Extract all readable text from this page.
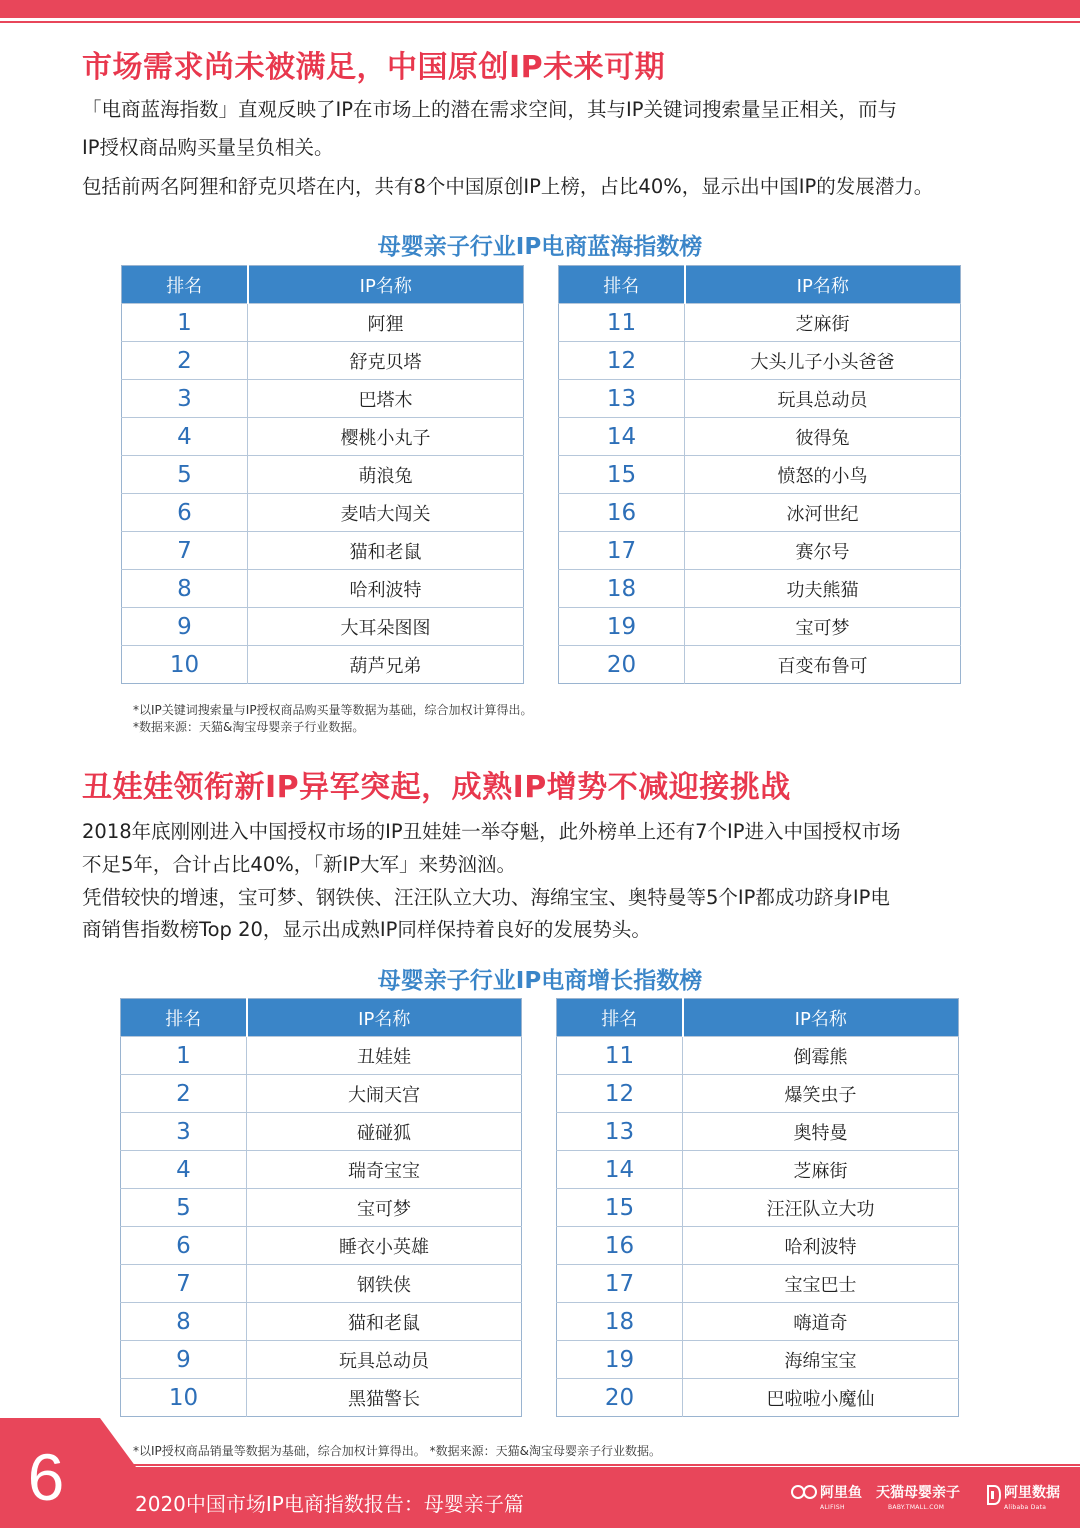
市场需求尚未被满足，中国原创IP未来可期

「电商蓝海指数」直观反映了IP在市场上的潜在需求空间，其与IP关键词搜索量呈正相关，而与

IP授权商品购买量呈负相关。

包括前两名阿狸和舒克贝塔在内，共有8个中国原创IP上榜，占比40%，显示出中国IP的发展潜力。

母婴亲子行业IP电商蓝海指数榜
排名	IP名称
1	阿狸
2	舒克贝塔
3	巴塔木
4	樱桃小丸子
5	萌浪兔
6	麦咭大闯关
7	猫和老鼠
8	哈利波特
9	大耳朵图图
10	葫芦兄弟
排名	IP名称
11	芝麻街
12	大头儿子小头爸爸
13	玩具总动员
14	彼得兔
15	愤怒的小鸟
16	冰河世纪
17	赛尔号
18	功夫熊猫
19	宝可梦
20	百变布鲁可

*以IP关键词搜索量与IP授权商品购买量等数据为基础，综合加权计算得出。

*数据来源：天猫&淘宝母婴亲子行业数据。

丑娃娃领衔新IP异军突起，成熟IP增势不减迎接挑战

2018年底刚刚进入中国授权市场的IP丑娃娃一举夺魁，此外榜单上还有7个IP进入中国授权市场

不足5年，合计占比40%，「新IP大军」来势汹汹。

凭借较快的增速，宝可梦、钢铁侠、汪汪队立大功、海绵宝宝、奥特曼等5个IP都成功跻身IP电

商销售指数榜Top 20，显示出成熟IP同样保持着良好的发展势头。

母婴亲子行业IP电商增长指数榜
排名	IP名称
1	丑娃娃
2	大闹天宫
3	碰碰狐
4	瑞奇宝宝
5	宝可梦
6	睡衣小英雄
7	钢铁侠
8	猫和老鼠
9	玩具总动员
10	黑猫警长
排名	IP名称
11	倒霉熊
12	爆笑虫子
13	奥特曼
14	芝麻街
15	汪汪队立大功
16	哈利波特
17	宝宝巴士
18	嗨道奇
19	海绵宝宝
20	巴啦啦小魔仙

*以IP授权商品销量等数据为基础，综合加权计算得出。 *数据来源：天猫&淘宝母婴亲子行业数据。

6	2020中国市场IP电商指数报告：母婴亲子篇	阿里鱼
ALIFISH
天猫母婴亲子
BABY.TMALL.COM
阿里数据
Alibaba Data
